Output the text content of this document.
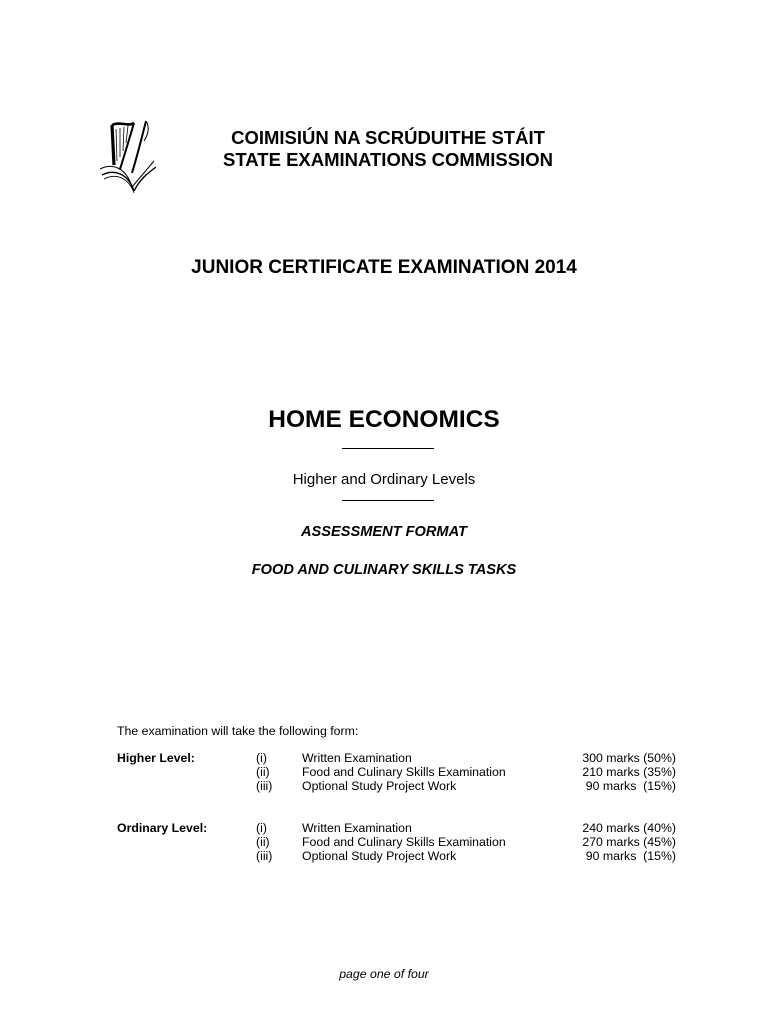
COIMISIÚN NA SCRÚDUITHE STÁIT
STATE EXAMINATIONS COMMISSION
JUNIOR CERTIFICATE EXAMINATION 2014
HOME ECONOMICS
Higher and Ordinary Levels
ASSESSMENT FORMAT
FOOD AND CULINARY SKILLS TASKS
The examination will take the following form:
Higher Level:	(i)	Written Examination	300 marks (50%)
(ii)	Food and Culinary Skills Examination	210 marks (35%)
(iii) Optional Study Project Work	90 marks  (15%)
Ordinary Level:	(i)	Written Examination	240 marks (40%)
(ii)	Food and Culinary Skills Examination	270 marks (45%)
(iii) Optional Study Project Work	90 marks  (15%)
page one of four
